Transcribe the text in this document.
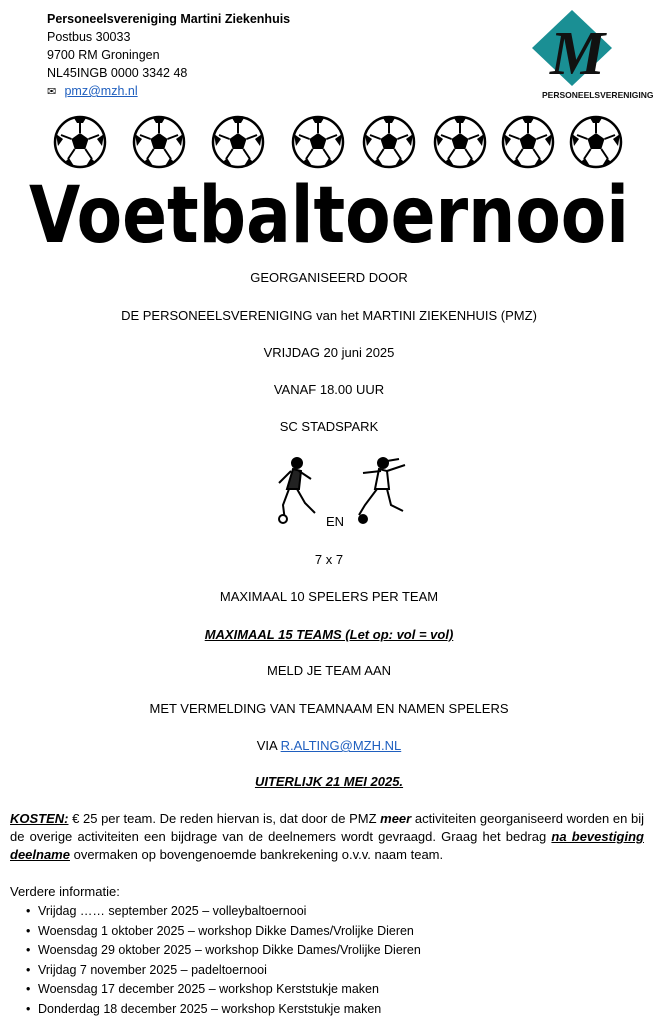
Personeelsvereniging Martini Ziekenhuis
Postbus 30033
9700 RM Groningen
NL45INGB 0000 3342 48
✉ pmz@mzh.nl
M
PERSONEELSVERENIGING
Voetbaltoernooi
GEORGANISEERD DOOR
DE PERSONEELSVERENIGING van het MARTINI ZIEKENHUIS (PMZ)
VRIJDAG 20 juni 2025
VANAF 18.00 UUR
SC STADSPARK
EN
7 x 7
MAXIMAAL 10 SPELERS PER TEAM
MAXIMAAL 15 TEAMS (Let op: vol = vol)
MELD JE TEAM AAN
MET VERMELDING VAN TEAMNAAM EN NAMEN SPELERS
VIA R.ALTING@MZH.NL
UITERLIJK 21 MEI 2025.
KOSTEN: € 25 per team. De reden hiervan is, dat door de PMZ meer activiteiten georganiseerd worden en bij de overige activiteiten een bijdrage van de deelnemers wordt gevraagd. Graag het bedrag na bevestiging deelname overmaken op bovengenoemde bankrekening o.v.v. naam team.
Verdere informatie:
• Vrijdag …… september 2025 – volleybaltoernooi
• Woensdag 1 oktober 2025 – workshop Dikke Dames/Vrolijke Dieren
• Woensdag 29 oktober 2025 – workshop Dikke Dames/Vrolijke Dieren
• Vrijdag 7 november 2025 – padeltoernooi
• Woensdag 17 december 2025 – workshop Kerststukje maken
• Donderdag 18 december 2025 – workshop Kerststukje maken
